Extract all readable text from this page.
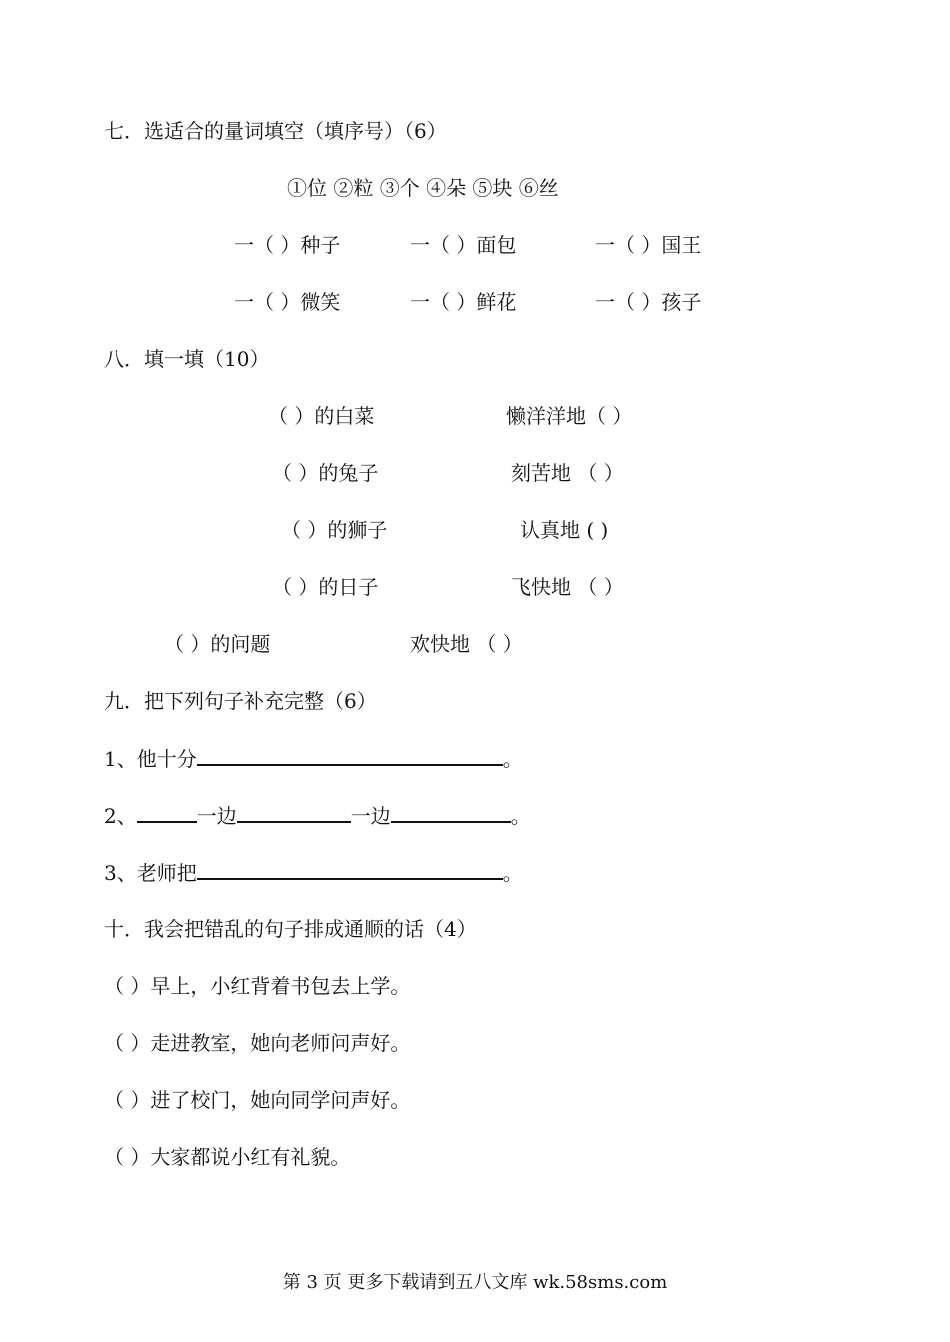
七．选适合的量词填空（填序号）（6）
①位 ②粒 ③个 ④朵 ⑤块 ⑥丝
一（ ）种子	一（ ）面包	一（ ）国王
一（ ）微笑	一（ ）鲜花	一（ ）孩子
八．填一填（10）
（ ）的白菜	懒洋洋地（ ）
（ ）的兔子	刻苦地 （ ）
（ ）的狮子	认真地 ( )
（ ）的日子	飞快地 （ ）
（ ）的问题	欢快地 （ ）
九．把下列句子补充完整（6）
1、他十分	。
2、	一边	一边	。
3、老师把	。
十．我会把错乱的句子排成通顺的话（4）
（ ）早上，小红背着书包去上学。
（ ）走进教室，她向老师问声好。
（ ）进了校门，她向同学问声好。
（ ）大家都说小红有礼貌。
第 3 页 更多下载请到五八文库 wk.58sms.com
